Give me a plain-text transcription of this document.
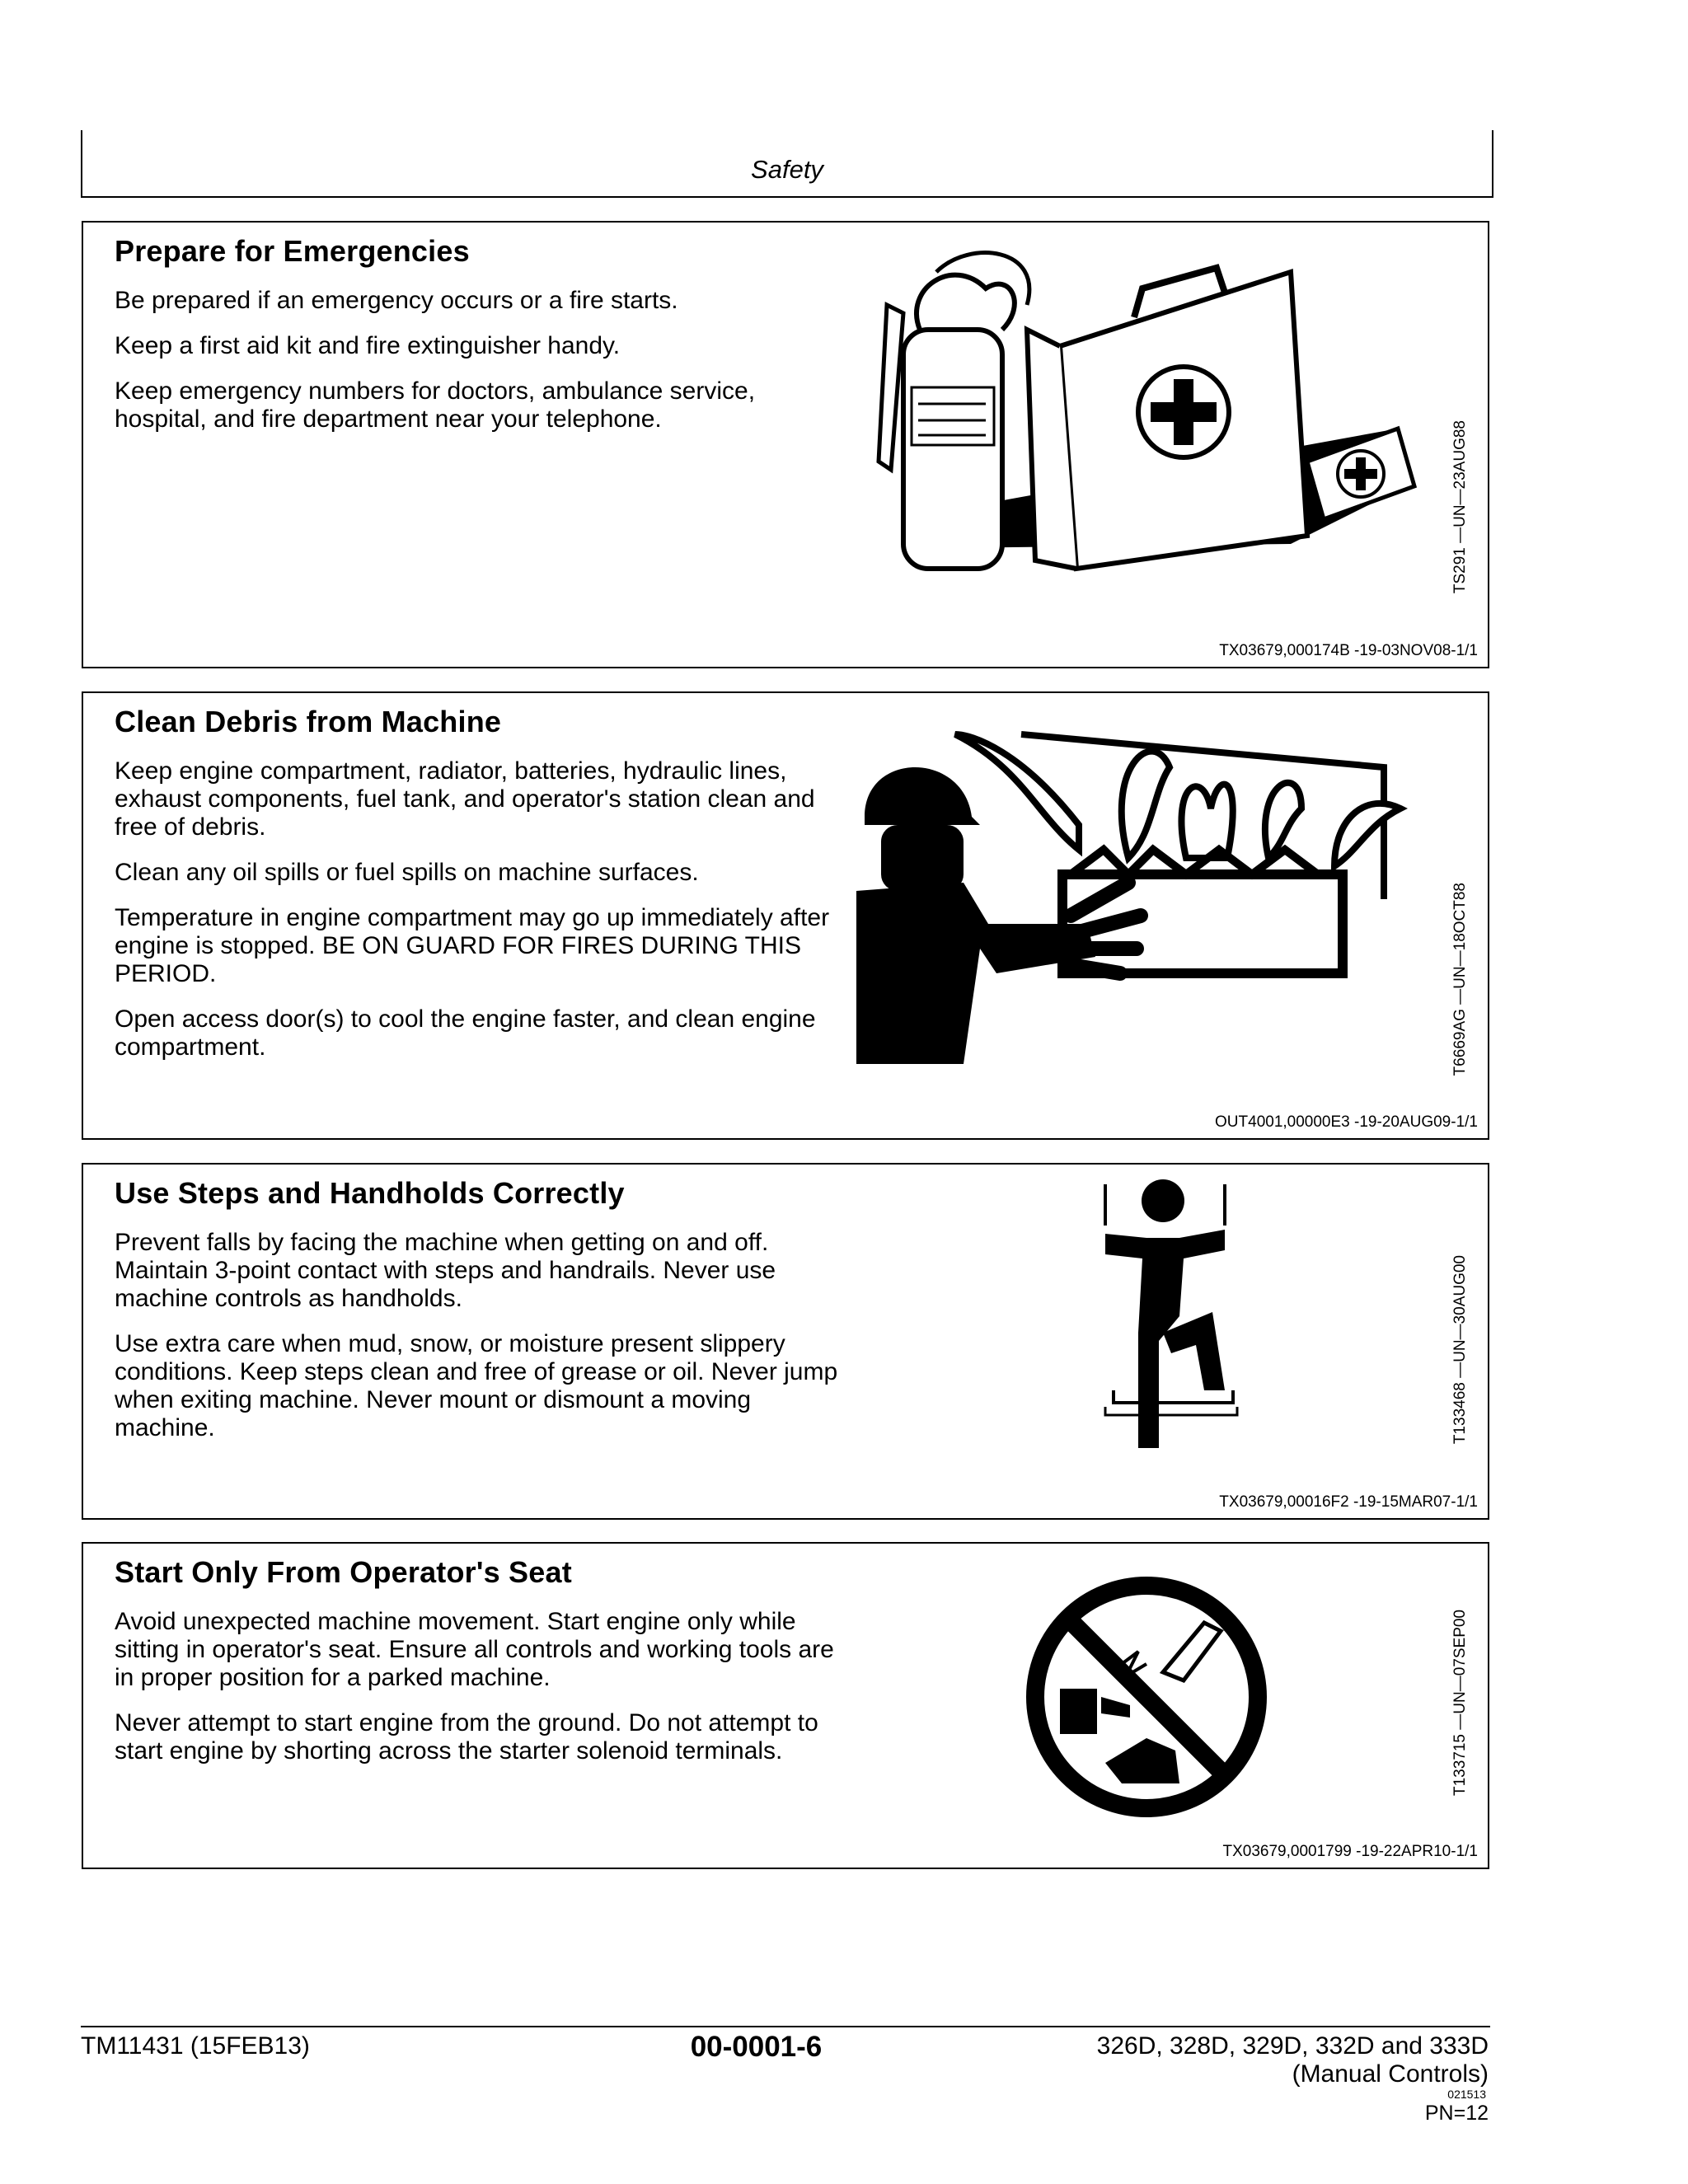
Safety
Prepare for Emergencies

Be prepared if an emergency occurs or a fire starts.

Keep a first aid kit and fire extinguisher handy.

Keep emergency numbers for doctors, ambulance service, hospital, and fire department near your telephone.

TS291 —UN—23AUG88
TX03679,000174B -19-03NOV08-1/1
Clean Debris from Machine

Keep engine compartment, radiator, batteries, hydraulic lines, exhaust components, fuel tank, and operator's station clean and free of debris.

Clean any oil spills or fuel spills on machine surfaces.

Temperature in engine compartment may go up immediately after engine is stopped. BE ON GUARD FOR FIRES DURING THIS PERIOD.

Open access door(s) to cool the engine faster, and clean engine compartment.	T6669AG —UN—18OCT88
OUT4001,00000E3 -19-20AUG09-1/1
Use Steps and Handholds Correctly

Prevent falls by facing the machine when getting on and off. Maintain 3-point contact with steps and handrails. Never use machine controls as handholds.

Use extra care when mud, snow, or moisture present slippery conditions. Keep steps clean and free of grease or oil. Never jump when exiting machine. Never mount or dismount a moving machine.	T133468 —UN—30AUG00
TX03679,00016F2 -19-15MAR07-1/1
Start Only From Operator's Seat

Avoid unexpected machine movement. Start engine only while sitting in operator's seat. Ensure all controls and working tools are in proper position for a parked machine.

Never attempt to start engine from the ground. Do not attempt to start engine by shorting across the starter solenoid terminals.	T133715 —UN—07SEP00
TX03679,0001799 -19-22APR10-1/1
TM11431 (15FEB13)	00-0001-6	326D, 328D, 329D, 332D and 333D
(Manual Controls)
021513
PN=12
